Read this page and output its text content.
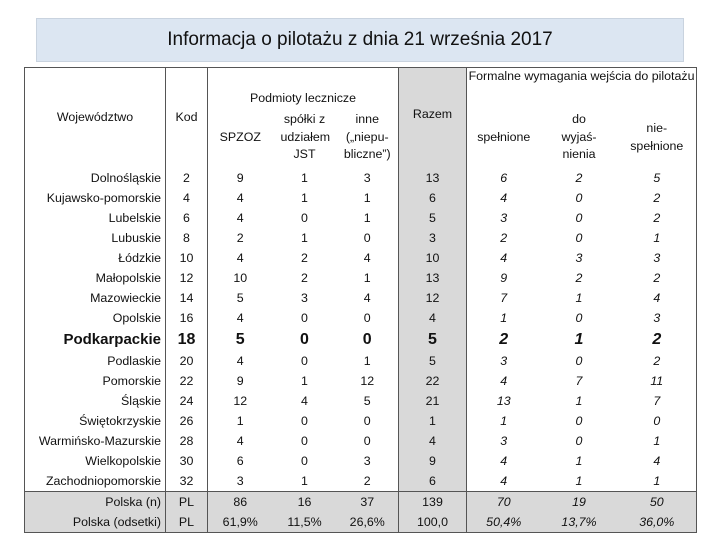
Informacja o pilotażu z dnia 21 września 2017
Województwo	Kod	Podmioty lecznicze			Razem	Formalne wymagania wejścia do pilotażu		
		SPZOZ	spółki z udziałem JST	inne („niepu-bliczne”)		spełnione	do wyjaś-nienia	nie-spełnione
Dolnośląskie	2	9	1	3	13	6	2	5
Kujawsko-pomorskie	4	4	1	1	6	4	0	2
Lubelskie	6	4	0	1	5	3	0	2
Lubuskie	8	2	1	0	3	2	0	1
Łódzkie	10	4	2	4	10	4	3	3
Małopolskie	12	10	2	1	13	9	2	2
Mazowieckie	14	5	3	4	12	7	1	4
Opolskie	16	4	0	0	4	1	0	3
Podkarpackie	18	5	0	0	5	2	1	2
Podlaskie	20	4	0	1	5	3	0	2
Pomorskie	22	9	1	12	22	4	7	11
Śląskie	24	12	4	5	21	13	1	7
Świętokrzyskie	26	1	0	0	1	1	0	0
Warmińsko-Mazurskie	28	4	0	0	4	3	0	1
Wielkopolskie	30	6	0	3	9	4	1	4
Zachodniopomorskie	32	3	1	2	6	4	1	1
Polska (n)	PL	86	16	37	139	70	19	50
Polska (odsetki)	PL	61,9%	11,5%	26,6%	100,0	50,4%	13,7%	36,0%
